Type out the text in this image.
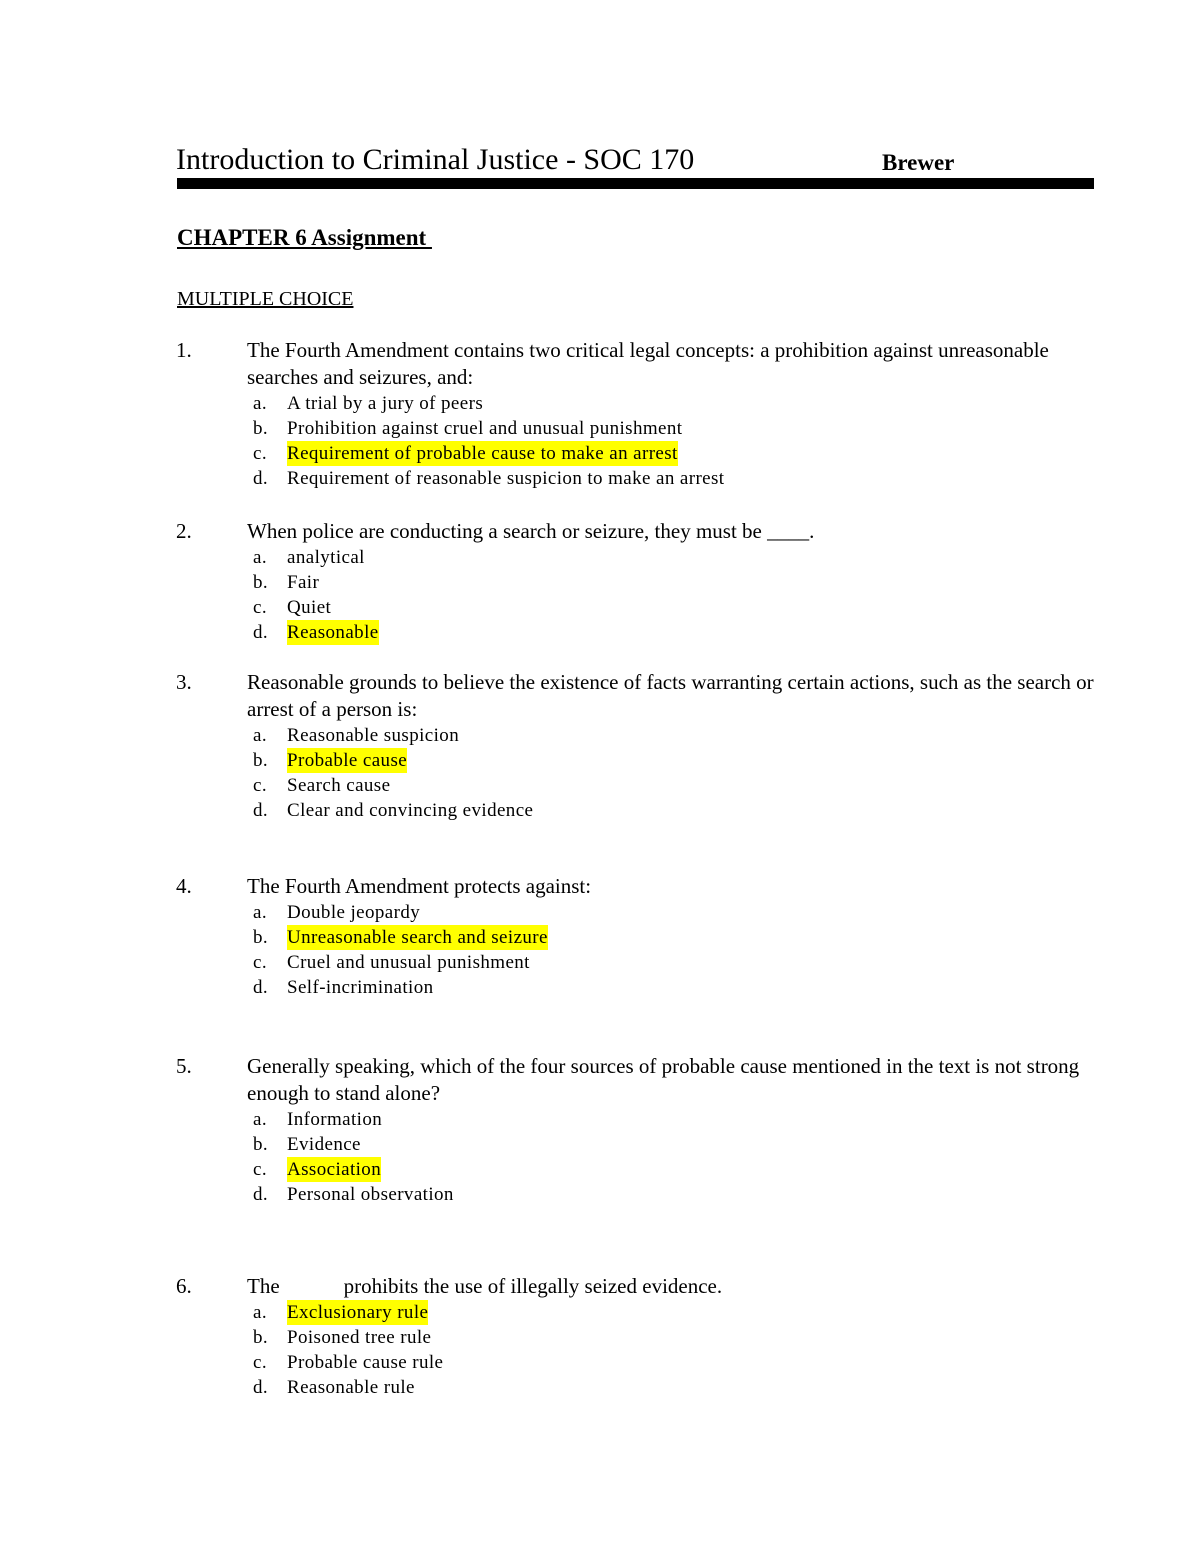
Introduction to Criminal Justice - SOC 170	Brewer
CHAPTER 6 Assignment
MULTIPLE CHOICE
1.	The Fourth Amendment contains two critical legal concepts: a prohibition against unreasonable searches and seizures, and:
a. A trial by a jury of peers
b. Prohibition against cruel and unusual punishment
c. Requirement of probable cause to make an arrest
d. Requirement of reasonable suspicion to make an arrest
2.	When police are conducting a search or seizure, they must be ____.
a. analytical
b. Fair
c. Quiet
d. Reasonable
3.	Reasonable grounds to believe the existence of facts warranting certain actions, such as the search or arrest of a person is:
a. Reasonable suspicion
b. Probable cause
c. Search cause
d. Clear and convincing evidence
4.	The Fourth Amendment protects against:
a. Double jeopardy
b. Unreasonable search and seizure
c. Cruel and unusual punishment
d. Self-incrimination
5.	Generally speaking, which of the four sources of probable cause mentioned in the text is not strong enough to stand alone?
a. Information
b. Evidence
c. Association
d. Personal observation
6.	The	prohibits the use of illegally seized evidence.
a. Exclusionary rule
b. Poisoned tree rule
c. Probable cause rule
d. Reasonable rule
